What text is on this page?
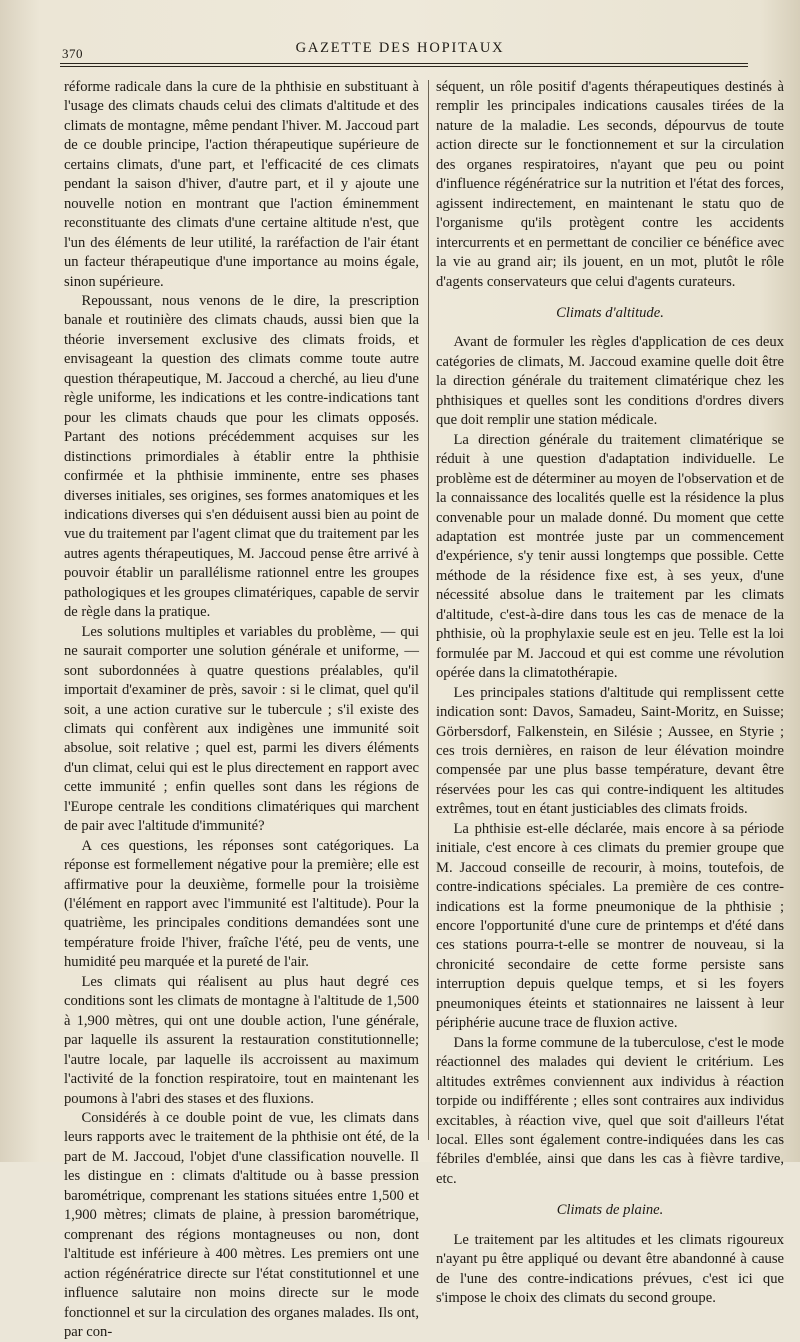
370	GAZETTE DES HOPITAUX

réforme radicale dans la cure de la phthisie en substituant à l'usage des climats chauds celui des climats d'altitude et des climats de montagne, même pendant l'hiver. M. Jaccoud part de ce double principe, l'action thérapeutique supérieure de certains climats, d'une part, et l'efficacité de ces climats pendant la saison d'hiver, d'autre part, et il y ajoute une nouvelle notion en montrant que l'action éminemment reconstituante des climats d'une certaine altitude n'est, que l'un des éléments de leur utilité, la raréfaction de l'air étant un facteur thérapeutique d'une importance au moins égale, sinon supérieure.

Repoussant, nous venons de le dire, la prescription banale et routinière des climats chauds, aussi bien que la théorie inversement exclusive des climats froids, et envisageant la question des climats comme toute autre question thérapeutique, M. Jaccoud a cherché, au lieu d'une règle uniforme, les indications et les contre-indications tant pour les climats chauds que pour les climats opposés. Partant des notions précédemment acquises sur les distinctions primordiales à établir entre la phthisie confirmée et la phthisie imminente, entre ses phases diverses initiales, ses origines, ses formes anatomiques et les indications diverses qui s'en déduisent aussi bien au point de vue du traitement par l'agent climat que du traitement par les autres agents thérapeutiques, M. Jaccoud pense être arrivé à pouvoir établir un parallélisme rationnel entre les groupes pathologiques et les groupes climatériques, capable de servir de règle dans la pratique.

Les solutions multiples et variables du problème, — qui ne saurait comporter une solution générale et uniforme, — sont subordonnées à quatre questions préalables, qu'il importait d'examiner de près, savoir : si le climat, quel qu'il soit, a une action curative sur le tubercule ; s'il existe des climats qui confèrent aux indigènes une immunité soit absolue, soit relative ; quel est, parmi les divers éléments d'un climat, celui qui est le plus directement en rapport avec cette immunité ; enfin quelles sont dans les régions de l'Europe centrale les conditions climatériques qui marchent de pair avec l'altitude d'immunité?

A ces questions, les réponses sont catégoriques. La réponse est formellement négative pour la première; elle est affirmative pour la deuxième, formelle pour la troisième (l'élément en rapport avec l'immunité est l'altitude). Pour la quatrième, les principales conditions demandées sont une température froide l'hiver, fraîche l'été, peu de vents, une humidité peu marquée et la pureté de l'air.

Les climats qui réalisent au plus haut degré ces conditions sont les climats de montagne à l'altitude de 1,500 à 1,900 mètres, qui ont une double action, l'une générale, par laquelle ils assurent la restauration constitutionnelle; l'autre locale, par laquelle ils accroissent au maximum l'activité de la fonction respiratoire, tout en maintenant les poumons à l'abri des stases et des fluxions.

Considérés à ce double point de vue, les climats dans leurs rapports avec le traitement de la phthisie ont été, de la part de M. Jaccoud, l'objet d'une classification nouvelle. Il les distingue en : climats d'altitude ou à basse pression barométrique, comprenant les stations situées entre 1,500 et 1,900 mètres; climats de plaine, à pression barométrique, comprenant des régions montagneuses ou non, dont l'altitude est inférieure à 400 mètres. Les premiers ont une action régénératrice directe sur l'état constitutionnel et une influence salutaire non moins directe sur le mode fonctionnel et sur la circulation des organes malades. Ils ont, par con-

séquent, un rôle positif d'agents thérapeutiques destinés à remplir les principales indications causales tirées de la nature de la maladie. Les seconds, dépourvus de toute action directe sur le fonctionnement et sur la circulation des organes respiratoires, n'ayant que peu ou point d'influence régénératrice sur la nutrition et l'état des forces, agissent indirectement, en maintenant le statu quo de l'organisme qu'ils protègent contre les accidents intercurrents et en permettant de concilier ce bénéfice avec la vie au grand air; ils jouent, en un mot, plutôt le rôle d'agents conservateurs que celui d'agents curateurs.

Climats d'altitude.

Avant de formuler les règles d'application de ces deux catégories de climats, M. Jaccoud examine quelle doit être la direction générale du traitement climatérique chez les phthisiques et quelles sont les conditions d'ordres divers que doit remplir une station médicale.

La direction générale du traitement climatérique se réduit à une question d'adaptation individuelle. Le problème est de déterminer au moyen de l'observation et de la connaissance des localités quelle est la résidence la plus convenable pour un malade donné. Du moment que cette adaptation est montrée juste par un commencement d'expérience, s'y tenir aussi longtemps que possible. Cette méthode de la résidence fixe est, à ses yeux, d'une nécessité absolue dans le traitement par les climats d'altitude, c'est-à-dire dans tous les cas de menace de la phthisie, où la prophylaxie seule est en jeu. Telle est la loi formulée par M. Jaccoud et qui est comme une révolution opérée dans la climatothérapie.

Les principales stations d'altitude qui remplissent cette indication sont: Davos, Samadeu, Saint-Moritz, en Suisse; Görbersdorf, Falkenstein, en Silésie ; Aussee, en Styrie ; ces trois dernières, en raison de leur élévation moindre compensée par une plus basse température, devant être réservées pour les cas qui contre-indiquent les altitudes extrêmes, tout en étant justiciables des climats froids.

La phthisie est-elle déclarée, mais encore à sa période initiale, c'est encore à ces climats du premier groupe que M. Jaccoud conseille de recourir, à moins, toutefois, de contre-indications spéciales. La première de ces contre-indications est la forme pneumonique de la phthisie ; encore l'opportunité d'une cure de printemps et d'été dans ces stations pourra-t-elle se montrer de nouveau, si la chronicité secondaire de cette forme persiste sans interruption depuis quelque temps, et si les foyers pneumoniques éteints et stationnaires ne laissent à leur périphérie aucune trace de fluxion active.

Dans la forme commune de la tuberculose, c'est le mode réactionnel des malades qui devient le critérium. Les altitudes extrêmes conviennent aux individus à réaction torpide ou indifférente ; elles sont contraires aux individus excitables, à réaction vive, quel que soit d'ailleurs l'état local. Elles sont également contre-indiquées dans les cas fébriles d'emblée, ainsi que dans les cas à fièvre tardive, etc.

Climats de plaine.

Le traitement par les altitudes et les climats rigoureux n'ayant pu être appliqué ou devant être abandonné à cause de l'une des contre-indications prévues, c'est ici que s'impose le choix des climats du second groupe.
